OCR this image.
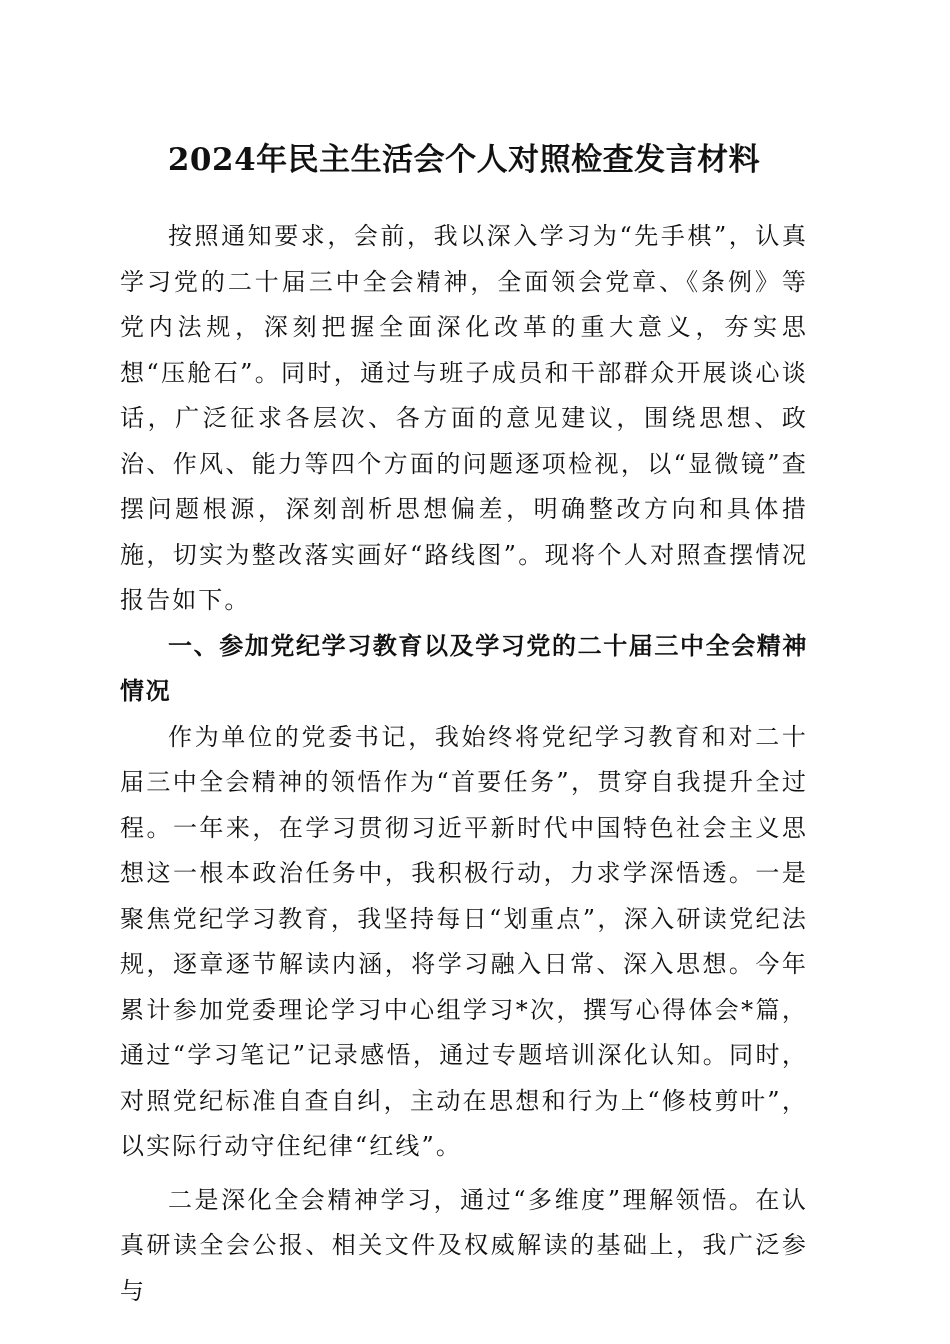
2024年民主生活会个人对照检查发言材料

按照通知要求，会前，我以深入学习为“先手棋”，认真学习党的二十届三中全会精神，全面领会党章、《条例》等党内法规，深刻把握全面深化改革的重大意义，夯实思想“压舱石”。同时，通过与班子成员和干部群众开展谈心谈话，广泛征求各层次、各方面的意见建议，围绕思想、政治、作风、能力等四个方面的问题逐项检视，以“显微镜”查摆问题根源，深刻剖析思想偏差，明确整改方向和具体措施，切实为整改落实画好“路线图”。现将个人对照查摆情况报告如下。

一、参加党纪学习教育以及学习党的二十届三中全会精神情况

作为单位的党委书记，我始终将党纪学习教育和对二十届三中全会精神的领悟作为“首要任务”，贯穿自我提升全过程。一年来，在学习贯彻习近平新时代中国特色社会主义思想这一根本政治任务中，我积极行动，力求学深悟透。一是聚焦党纪学习教育，我坚持每日“划重点”，深入研读党纪法规，逐章逐节解读内涵，将学习融入日常、深入思想。今年累计参加党委理论学习中心组学习*次，撰写心得体会*篇，通过“学习笔记”记录感悟，通过专题培训深化认知。同时，对照党纪标准自查自纠，主动在思想和行为上“修枝剪叶”，以实际行动守住纪律“红线”。

二是深化全会精神学习，通过“多维度”理解领悟。在认真研读全会公报、相关文件及权威解读的基础上，我广泛参与
